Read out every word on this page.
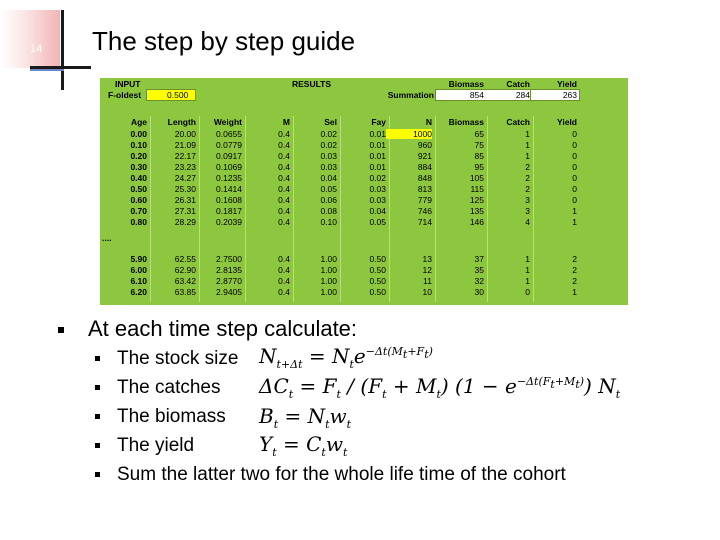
14 The step by step guide
INPUT
F-oldest	0.500
RESULTS
Summation
Biomass
854
Catch
284
Yield
263
Age	Length	Weight	M	Sel	Fay	N	Biomass	Catch	Yield
0.00	20.00	0.0655	0.4	0.02	0.01	1000	65	1	0
0.10	21.09	0.0779	0.4	0.02	0.01	960	75	1	0
0.20	22.17	0.0917	0.4	0.03	0.01	921	85	1	0
0.30	23.23	0.1069	0.4	0.03	0.01	884	95	2	0
0.40	24.27	0.1235	0.4	0.04	0.02	848	105	2	0
0.50	25.30	0.1414	0.4	0.05	0.03	813	115	2	0
0.60	26.31	0.1608	0.4	0.06	0.03	779	125	3	0
0.70	27.31	0.1817	0.4	0.08	0.04	746	135	3	1
0.80	28.29	0.2039	0.4	0.10	0.05	714	146	4	1
....
5.90	62.55	2.7500	0.4	1.00	0.50	13	37	1	2
6.00	62.90	2.8135	0.4	1.00	0.50	12	35	1	2
6.10	63.42	2.8770	0.4	1.00	0.50	11	32	1	2
6.20	63.85	2.9405	0.4	1.00	0.50	10	30	0	1
At each time step calculate:
The stock size
The catches
The biomass
The yield
Sum the latter two for the whole life time of the cohort
$N_{t+\Delta t} = N_te^{-\Delta t(M_t+F_t)}$
$\Delta C_t = F_t / (F_t + M_t) (1 - e^{-\Delta t(F_t+M_t)})$ $N_t$
$B_t = N_tw_t$
$Y_t = C_tw_t$
